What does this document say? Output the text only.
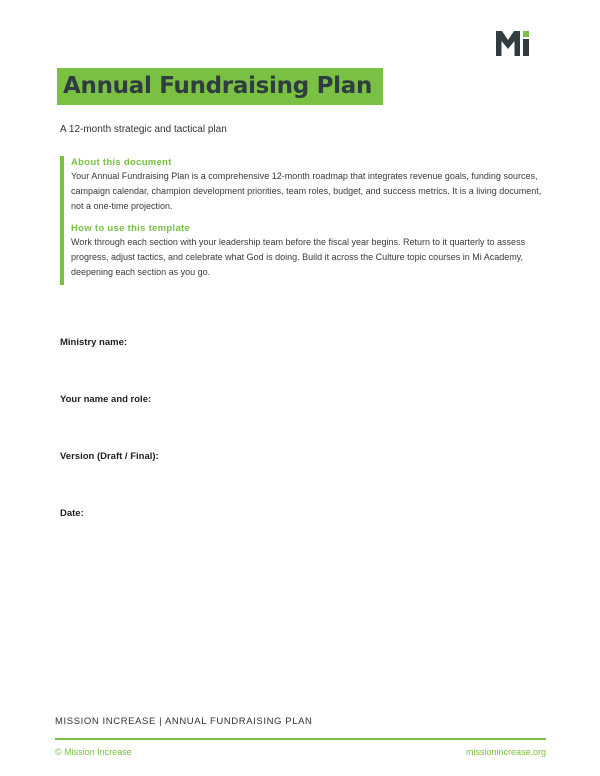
Annual Fundraising Plan
A 12-month strategic and tactical plan
About this document

Your Annual Fundraising Plan is a comprehensive 12-month roadmap that integrates revenue goals, funding sources, campaign calendar, champion development priorities, team roles, budget, and success metrics. It is a living document, not a one-time projection.

How to use this template

Work through each section with your leadership team before the fiscal year begins. Return to it quarterly to assess progress, adjust tactics, and celebrate what God is doing. Build it across the Culture topic courses in Mi Academy, deepening each section as you go.

Ministry name:
Your name and role:
Version (Draft / Final):
Date:
MISSION INCREASE | ANNUAL FUNDRAISING PLAN
© Mission Increase	missionincrease.org
